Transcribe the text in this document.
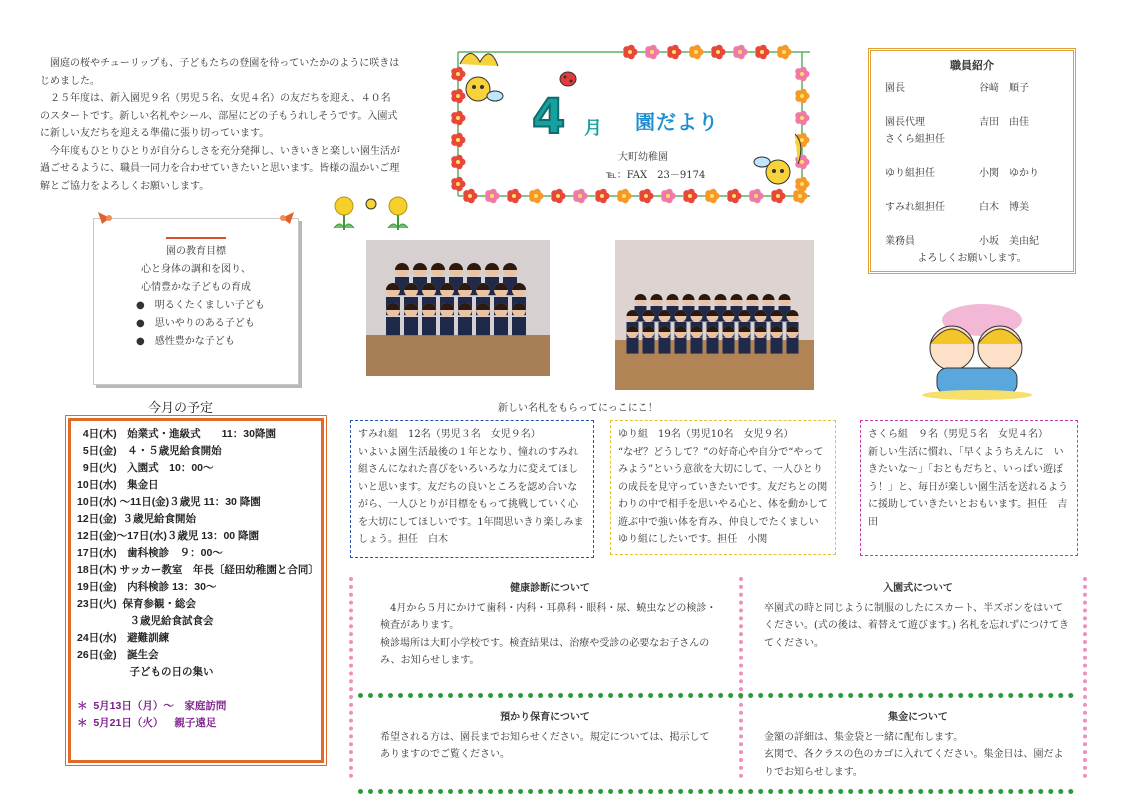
園庭の桜やチューリップも、子どもたちの登園を待っていたかのように咲きはじめました。

２５年度は、新入園児９名（男児５名、女児４名）の友だちを迎え、４０名のスタートです。新しい名札やシール、部屋にどの子もうれしそうです。入園式に新しい友だちを迎える準備に張り切っています。

今年度もひとりひとりが自分らしさを充分発揮し、いきいきと楽しい園生活が過ごせるように、職員一同力を合わせていきたいと思います。皆様の温かいご理解とご協力をよろしくお願いします。

4 月 園だより
大町幼稚園
℡：FAX　23－9174
職員紹介
園長	谷﨑　順子
園長代理	吉田　由佳
さくら組担任
ゆり組担任	小関　ゆかり
すみれ組担任	白木　博美
業務員	小坂　美由紀
よろしくお願いします。
園の教育目標
心と身体の調和を図り、
心情豊かな子どもの育成
●　明るくたくましい子ども
●　思いやりのある子ども
●　感性豊かな子ども
新しい名札をもらってにっこにこ！
今月の予定
4日(木)　始業式・進級式　　11：30降園
5日(金)　４・５歳児給食開始
9日(火)　入園式　10：00～
10日(水)　集金日
10日(水) ～11日(金)３歳児 11：30 降園
12日(金)  ３歳児給食開始
12日(金)～17日(水)３歳児 13：00 降園
17日(水)　歯科検診　９：00～
18日(木) サッカー教室　年長〔経田幼稚園と合同〕
19日(金)　内科検診 13：30～
23日(火)  保育参観・総会
　　　　　３歳児給食試食会
24日(水)　避難訓練
26日(金)　誕生会
　　　　　子どもの日の集い
＊  5月13日（月）～　家庭訪問
＊  5月21日（火）　  親子遠足
すみれ組　12名（男児３名　女児９名）
いよいよ園生活最後の１年となり、憧れのすみれ組さんになれた喜びをいろいろな力に変えてほしいと思います。友だちの良いところを認め合いながら、一人ひとりが目標をもって挑戦していく心を大切にしてほしいです。1年間思いきり楽しみましょう。担任　白木
ゆり組　19名（男児10名　女児９名）
“なぜ？どうして？”の好奇心や自分で“やってみよう”という意欲を大切にして、一人ひとりの成長を見守っていきたいです。友だちとの関わりの中で相手を思いやる心と、体を動かして遊ぶ中で強い体を育み、仲良しでたくましいゆり組にしたいです。担任　小関
さくら組　９名（男児５名　女児４名）
新しい生活に慣れ、「早くようちえんに　いきたいな～」「おともだちと、いっぱい遊ぼう！」と、毎日が楽しい園生活を送れるように援助していきたいとおもいます。担任　吉田
健康診断について
　4月から５月にかけて歯科・内科・耳鼻科・眼科・尿、蟯虫などの検診・検査があります。
検診場所は大町小学校です。検査結果は、治療や受診の必要なお子さんのみ、お知らせします。
入園式について
卒園式の時と同じように制服のしたにスカート、半ズボンをはいてください。(式の後は、着替えて遊びます。) 名札を忘れずにつけてきてください。
預かり保育について
希望される方は、園長までお知らせください。規定については、掲示してありますのでご覧ください。
集金について
金額の詳細は、集金袋と一緒に配布します。
玄関で、各クラスの色のカゴに入れてください。集金日は、園だよりでお知らせします。
